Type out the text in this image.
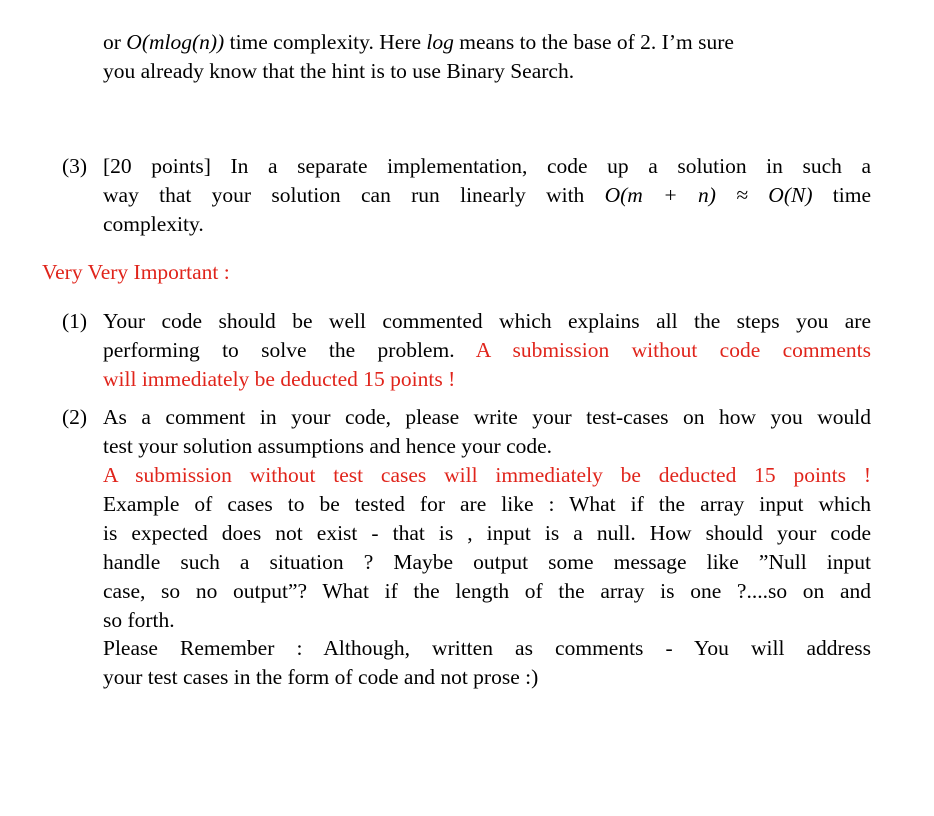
or O(mlog(n)) time complexity. Here log means to the base of 2. I’m sure
you already know that the hint is to use Binary Search.
(3) [20 points] In a separate implementation, code up a solution in such a
way that your solution can run linearly with O(m + n) ≈ O(N) time
complexity.
Very Very Important :
(1) Your code should be well commented which explains all the steps you are
performing to solve the problem. A submission without code comments
will immediately be deducted 15 points !
(2) As a comment in your code, please write your test-cases on how you would
test your solution assumptions and hence your code.
A submission without test cases will immediately be deducted 15 points !
Example of cases to be tested for are like : What if the array input which
is expected does not exist - that is , input is a null. How should your code
handle such a situation ? Maybe output some message like ”Null input
case, so no output”? What if the length of the array is one ?....so on and
so forth.
Please Remember : Although, written as comments - You will address
your test cases in the form of code and not prose :)
